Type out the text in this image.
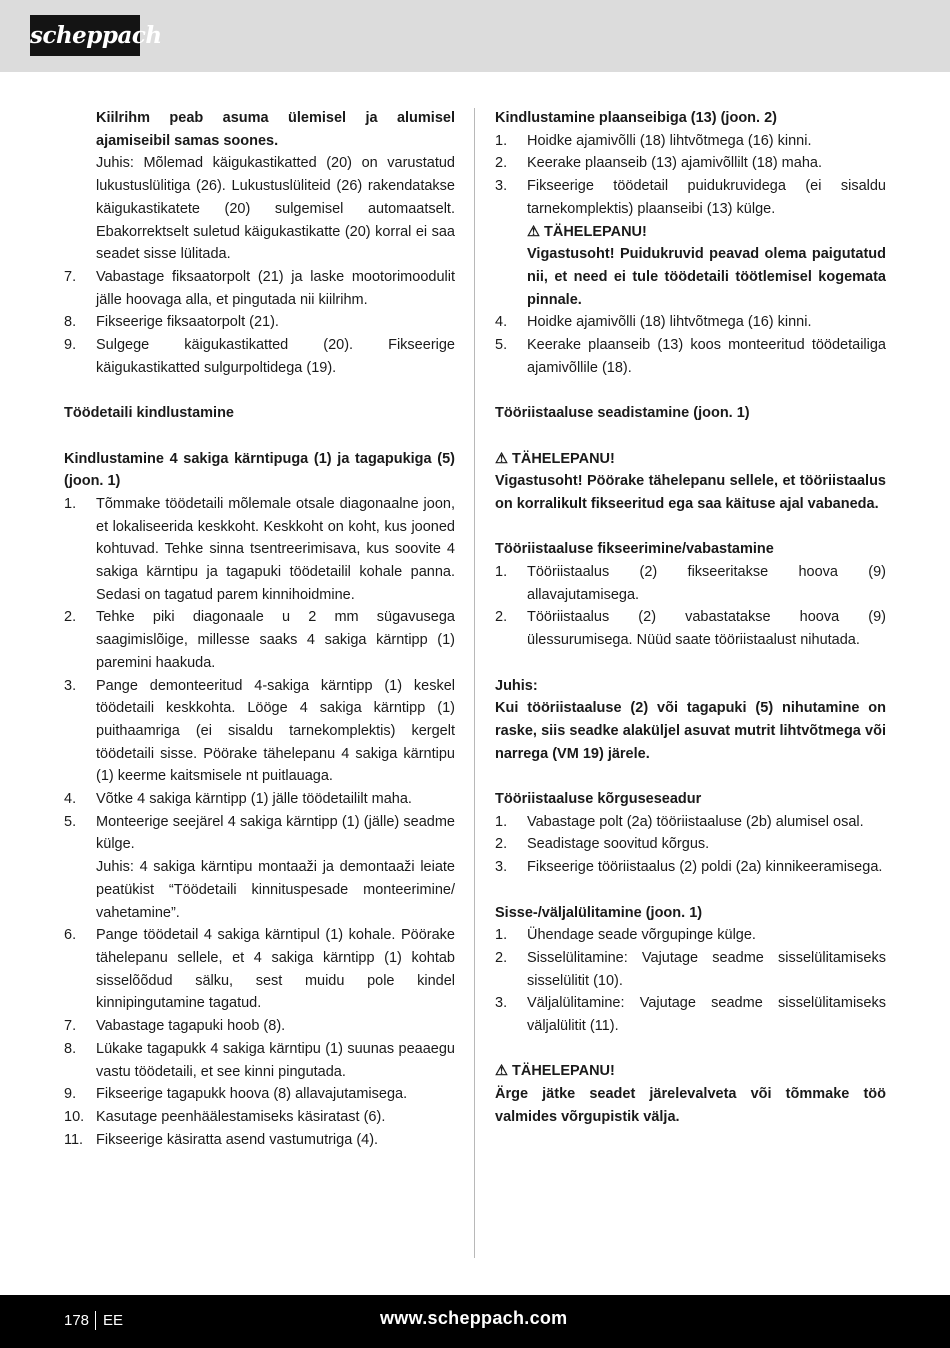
scheppach

Kiilrihm peab asuma ülemisel ja alumisel ajamiseibil samas soones.

Juhis: Mõlemad käigukastikatted (20) on varustatud lukustuslülitiga (26). Lukustuslüliteid (26) rakendatakse käigukastikatete (20) sulgemisel automaatselt. Ebakorrektselt suletud käigukastikatte (20) korral ei saa seadet sisse lülitada.

7.	Vabastage fiksaatorpolt (21) ja laske mootorimoodulit jälle hoovaga alla, et pingutada nii kiilrihm.
8.	Fikseerige fiksaatorpolt (21).
9.	Sulgege käigukastikatted (20). Fikseerige käigukastikatted sulgurpoltidega (19).

Töödetaili kindlustamine

Kindlustamine 4 sakiga kärntipuga (1) ja tagapukiga (5) (joon. 1)

1.	Tõmmake töödetaili mõlemale otsale diagonaalne joon, et lokaliseerida keskkoht. Keskkoht on koht, kus jooned kohtuvad. Tehke sinna tsentreerimisava, kus soovite 4 sakiga kärntipu ja tagapuki töödetailil kohale panna. Sedasi on tagatud parem kinnihoidmine.
2.	Tehke piki diagonaale u 2 mm sügavusega saagimislõige, millesse saaks 4 sakiga kärntipp (1) paremini haakuda.
3.	Pange demonteeritud 4-sakiga kärntipp (1) keskel töödetaili keskkohta. Lööge 4 sakiga kärntipp (1) puithaamriga (ei sisaldu tarnekomplektis) kergelt töödetaili sisse. Pöörake tähelepanu 4 sakiga kärntipu (1) keerme kaitsmisele nt puitlauaga.
4.	Võtke 4 sakiga kärntipp (1) jälle töödetaililt maha.
5.	Monteerige seejärel 4 sakiga kärntipp (1) (jälle) seadme külge.
Juhis: 4 sakiga kärntipu montaaži ja demontaaži leiate peatükist “Töödetaili kinnituspesade monteerimine/ vahetamine”.
6.	Pange töödetail 4 sakiga kärntipul (1) kohale. Pöörake tähelepanu sellele, et 4 sakiga kärntipp (1) kohtab sisselõõdud sälku, sest muidu pole kindel kinnipingutamine tagatud.
7.	Vabastage tagapuki hoob (8).
8.	Lükake tagapukk 4 sakiga kärntipu (1) suunas peaaegu vastu töödetaili, et see kinni pingutada.
9.	Fikseerige tagapukk hoova (8) allavajutamisega.
10. Kasutage peenhäälestamiseks käsiratast (6).
11. Fikseerige käsiratta asend vastumutriga (4).

Kindlustamine plaanseibiga (13) (joon. 2)

1.	Hoidke ajamivõlli (18) lihtvõtmega (16) kinni.
2.	Keerake plaanseib (13) ajamivõllilt (18) maha.
3.	Fikseerige töödetail puidukruvidega (ei sisaldu tarnekomplektis) plaanseibi (13) külge.

⚠ TÄHELEPANU!

Vigastusoht! Puidukruvid peavad olema paigutatud nii, et need ei tule töödetaili töötlemisel kogemata pinnale.

4.	Hoidke ajamivõlli (18) lihtvõtmega (16) kinni.
5.	Keerake plaanseib (13) koos monteeritud töödetailiga ajamivõllile (18).

Tööriistaaluse seadistamine (joon. 1)

⚠ TÄHELEPANU!

Vigastusoht! Pöörake tähelepanu sellele, et tööriistaalus on korralikult fikseeritud ega saa käituse ajal vabaneda.

Tööriistaaluse fikseerimine/vabastamine

1.	Tööriistaalus (2) fikseeritakse hoova (9) allavajutamisega.
2.	Tööriistaalus (2) vabastatakse hoova (9) ülessurumisega. Nüüd saate tööriistaalust nihutada.

Juhis:

Kui tööriistaaluse (2) või tagapuki (5) nihutamine on raske, siis seadke alaküljel asuvat mutrit lihtvõtmega või narrega (VM 19) järele.

Tööriistaaluse kõrguseseadur

1.	Vabastage polt (2a) tööriistaaluse (2b) alumisel osal.
2.	Seadistage soovitud kõrgus.
3.	Fikseerige tööriistaalus (2) poldi (2a) kinnikeeramisega.

Sisse-/väljalülitamine (joon. 1)

1.	Ühendage seade võrgupinge külge.
2.	Sisselülitamine: Vajutage seadme sisselülitamiseks sisselülitit (10).
3.	Väljalülitamine: Vajutage seadme sisselülitamiseks väljalülitit (11).

⚠ TÄHELEPANU!

Ärge jätke seadet järelevalveta või tõmmake töö valmides võrgupistik välja.

178 EE	www.scheppach.com
